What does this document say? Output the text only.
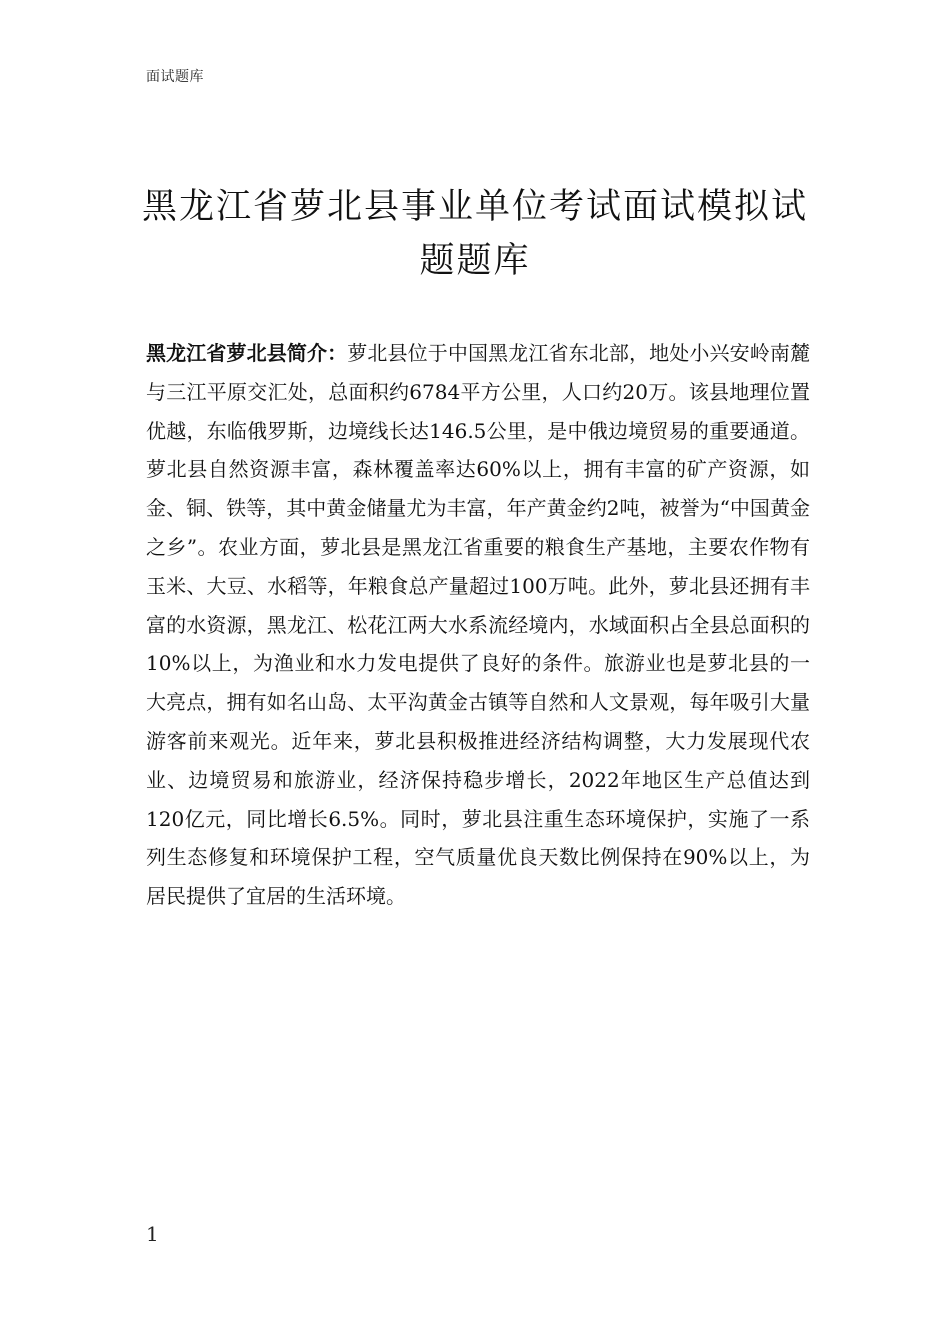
面试题库
黑龙江省萝北县事业单位考试面试模拟试题题库

黑龙江省萝北县简介：萝北县位于中国黑龙江省东北部，地处小兴安岭南麓与三江平原交汇处，总面积约6784平方公里，人口约20万。该县地理位置优越，东临俄罗斯，边境线长达146.5公里，是中俄边境贸易的重要通道。萝北县自然资源丰富，森林覆盖率达60%以上，拥有丰富的矿产资源，如金、铜、铁等，其中黄金储量尤为丰富，年产黄金约2吨，被誉为“中国黄金之乡”。农业方面，萝北县是黑龙江省重要的粮食生产基地，主要农作物有玉米、大豆、水稻等，年粮食总产量超过100万吨。此外，萝北县还拥有丰富的水资源，黑龙江、松花江两大水系流经境内，水域面积占全县总面积的10%以上，为渔业和水力发电提供了良好的条件。旅游业也是萝北县的一大亮点，拥有如名山岛、太平沟黄金古镇等自然和人文景观，每年吸引大量游客前来观光。近年来，萝北县积极推进经济结构调整，大力发展现代农业、边境贸易和旅游业，经济保持稳步增长，2022年地区生产总值达到120亿元，同比增长6.5%。同时，萝北县注重生态环境保护，实施了一系列生态修复和环境保护工程，空气质量优良天数比例保持在90%以上，为居民提供了宜居的生活环境。

1
